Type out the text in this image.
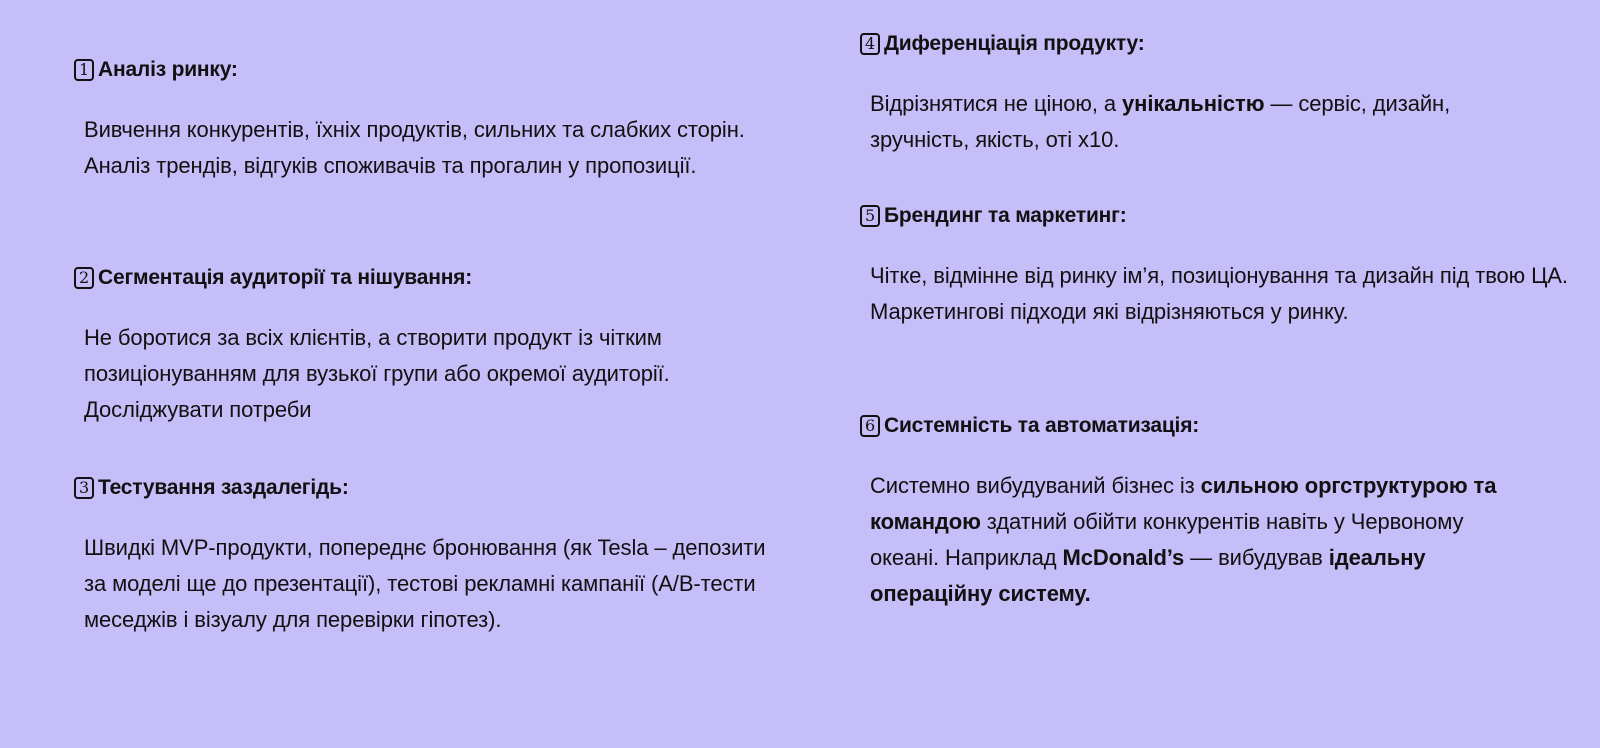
1 Аналіз ринку:
Вивчення конкурентів, їхніх продуктів, сильних та слабких сторін. Аналіз трендів, відгуків споживачів та прогалин у пропозиції.
2 Сегментація аудиторії та нішування:
Не боротися за всіх клієнтів, а створити продукт із чітким позиціонуванням для вузької групи або окремої аудиторії. Досліджувати потреби
3 Тестування заздалегідь:
Швидкі MVP-продукти, попереднє бронювання (як Tesla – депозити за моделі ще до презентації), тестові рекламні кампанії (A/B-тести меседжів і візуалу для перевірки гіпотез).
4 Диференціація продукту:
Відрізнятися не ціною, а унікальністю — сервіс, дизайн, зручність, якість, оті x10.
5 Брендинг та маркетинг:
Чітке, відмінне від ринку ім’я, позиціонування та дизайн під твою ЦА. Маркетингові підходи які відрізняються у ринку.
6 Системність та автоматизація:
Системно вибудуваний бізнес із сильною оргструктурою та командою здатний обійти конкурентів навіть у Червоному океані. Наприклад McDonald’s — вибудував ідеальну операційну систему.
